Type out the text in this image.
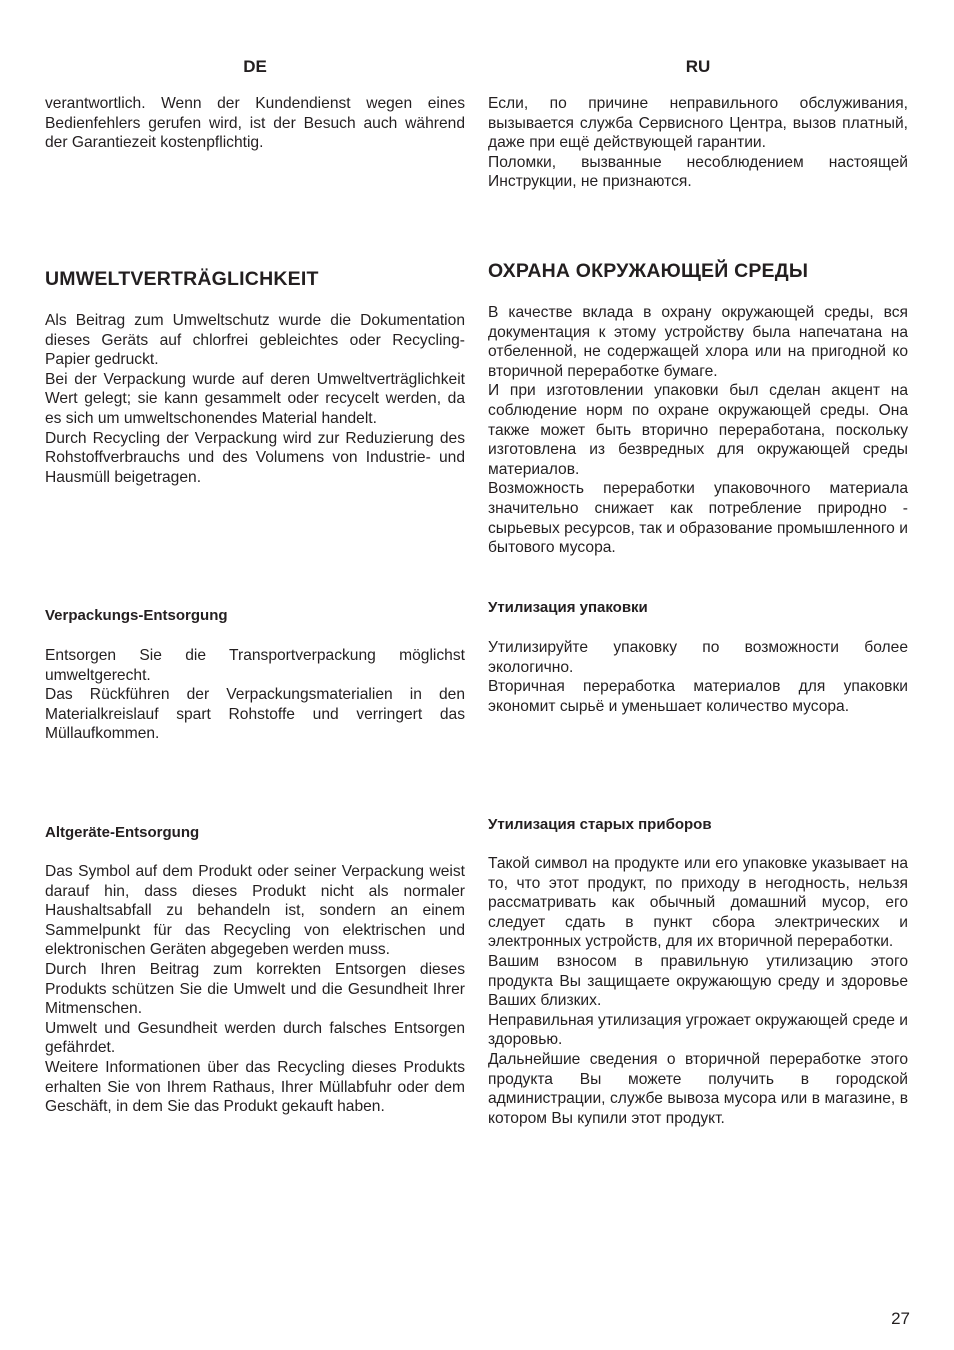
DE	RU

verantwortlich. Wenn der Kundendienst wegen eines Bedienfehlers gerufen wird, ist der Besuch auch während der Garantiezeit kostenpflichtig.

UMWELTVERTRÄGLICHKEIT

Als Beitrag zum Umweltschutz wurde die Dokumentation dieses Geräts auf chlorfrei gebleichtes oder Recycling-Papier gedruckt.

Bei der Verpackung wurde auf deren Umweltverträglichkeit Wert gelegt; sie kann gesammelt oder recycelt werden, da es sich um umweltschonendes Material handelt.

Durch Recycling der Verpackung wird zur Reduzierung des Rohstoffverbrauchs und des Volumens von Industrie- und Hausmüll beigetragen.

Verpackungs-Entsorgung

Entsorgen Sie die Transportverpackung möglichst umweltgerecht.

Das Rückführen der Verpackungsmaterialien in den Materialkreislauf spart Rohstoffe und verringert das Müllaufkommen.

Altgeräte-Entsorgung

Das Symbol auf dem Produkt oder seiner Verpackung weist darauf hin, dass dieses Produkt nicht als normaler Haushaltsabfall zu behandeln ist, sondern an einem Sammelpunkt für das Recycling von elektrischen und elektronischen Geräten abgegeben werden muss.

Durch Ihren Beitrag zum korrekten Entsorgen dieses Produkts schützen Sie die Umwelt und die Gesundheit Ihrer Mitmenschen.

Umwelt und Gesundheit werden durch falsches Entsorgen gefährdet.

Weitere Informationen über das Recycling dieses Produkts erhalten Sie von Ihrem Rathaus, Ihrer Müllabfuhr oder dem Geschäft, in dem Sie das Produkt gekauft haben.

Если, по причине неправильного обслуживания, вызывается служба Сервисного Центра, вызов платный, даже при ещё действующей гарантии.

Поломки, вызванные несоблюдением настоящей Инструкции, не признаются.

ОХРАНА ОКРУЖАЮЩЕЙ СРЕДЫ

В качестве вклада в охрану окружающей среды, вся документация к этому устройству была напечатана на отбеленной, не содержащей хлора или на пригодной ко вторичной переработке бумаге.

И при изготовлении упаковки был сделан акцент на соблюдение норм по охране окружающей среды. Она также может быть вторично переработана, поскольку изготовлена из безвредных для окружающей среды материалов.

Возможность переработки упаковочного материала значительно снижает как потребление природно - сырьевых ресурсов, так и образование промышленного и бытового мусора.

Утилизация упаковки

Утилизируйте упаковку по возможности более экологично.

Вторичная переработка материалов для упаковки экономит сырьё и уменьшает количество мусора.

Утилизация старых приборов

Такой символ на продукте или его упаковке указывает на то, что этот продукт, по приходу в негодность, нельзя рассматривать как обычный домашний мусор, его следует сдать в пункт сбора электрических и электронных устройств, для их вторичной переработки.

Вашим взносом в правильную утилизацию этого продукта Вы защищаете окружающую среду и здоровье Ваших близких.

Неправильная утилизация угрожает окружающей среде и здоровью.

Дальнейшие сведения о вторичной переработке этого продукта Вы можете получить в городской администрации, службе вывоза мусора или в магазине, в котором Вы купили этот продукт.

27
